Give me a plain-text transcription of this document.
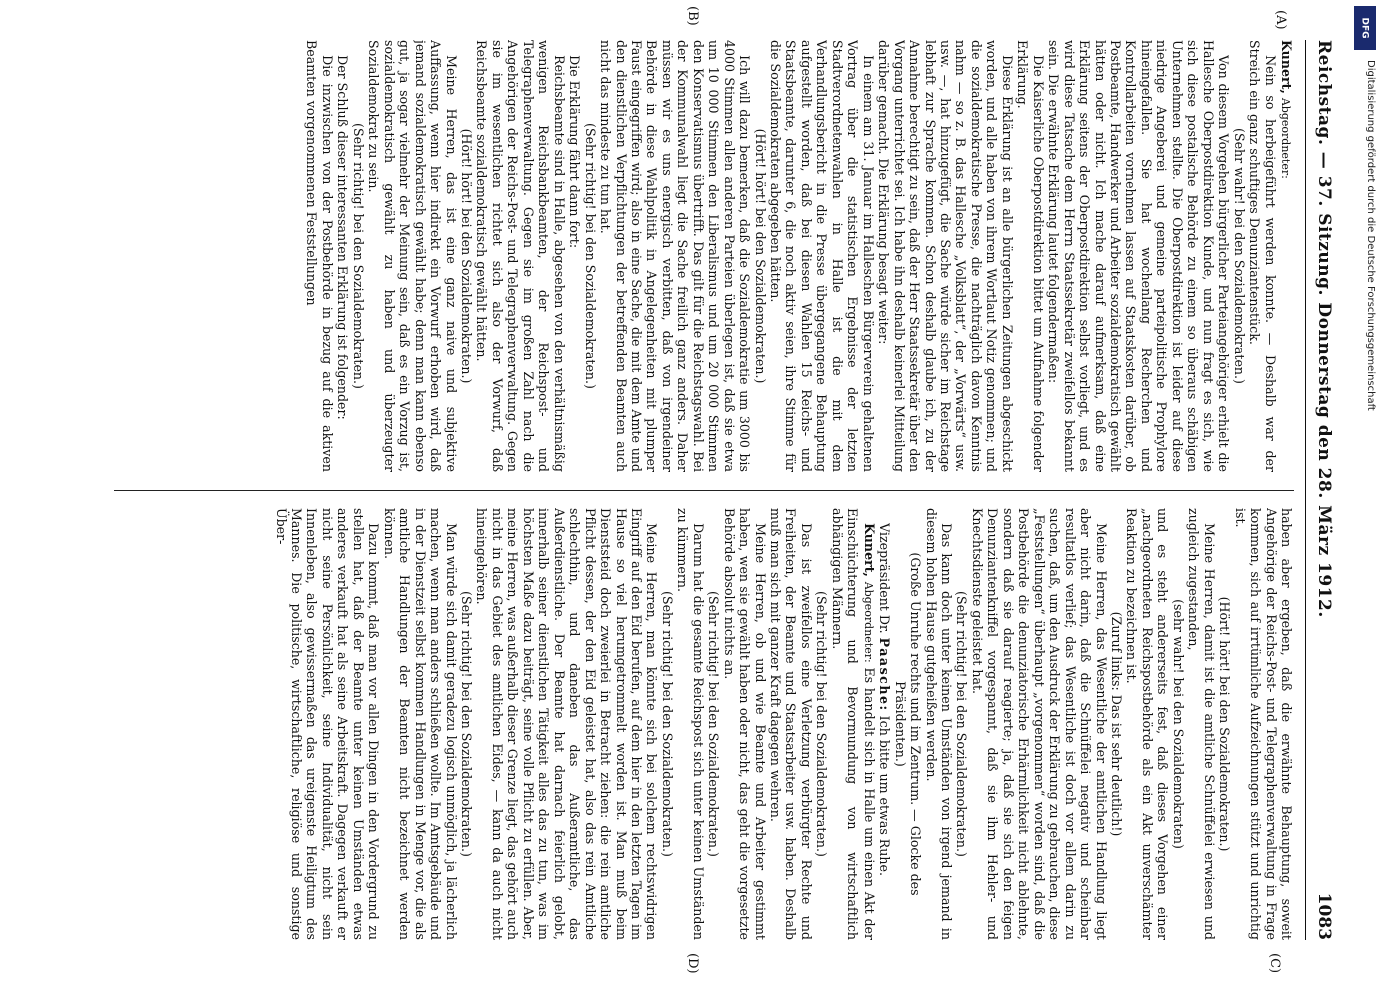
Reichstag. — 37. Sitzung. Donnerstag den 28. März 1912.
1083
(A)
(B)
(C)
(D)

Kunert, Abgeordneter:

Nein so herbeigeführt werden konnte. — Deshalb war der Streich ein ganz schuftiges Denunziantenstück.

(Sehr wahr! bei den Sozialdemokraten.)

Von diesem Vorgehen bürgerlicher Parteiangehöriger erhielt die Hallesche Oberpostdirektion Kunde, und nun fragt es sich, wie sich diese postalische Behörde zu einem so überaus schäbigen Unternehmen stellte. Die Oberpostdirektion ist leider auf diese niedrige Angeberei und gemeine parteipolitische Prophylore hineingefallen. Sie hat wochenlang Recherchen und Kontrollarbeiten vornehmen lassen auf Staatskosten darüber, ob Postbeamte, Handwerker und Arbeiter sozialdemokratisch gewählt hätten oder nicht. Ich mache darauf aufmerksam, daß eine Erklärung seitens der Oberpostdirektion selbst vorliegt, und es wird diese Tatsache dem Herrn Staatssekretär zweifellos bekannt sein. Die erwähnte Erklärung lautet folgendermaßen:

Die Kaiserliche Oberpostdirektion bittet um Aufnahme folgender Erklärung.

Diese Erklärung ist an alle bürgerlichen Zeitungen abgeschickt worden, und alle haben von ihrem Wortlaut Notiz genommen; und die sozialdemokratische Presse, die nachträglich davon Kenntnis nahm — so z. B. das Hallesche „Volksblatt“, der „Vorwärts“ usw. usw. —, hat hinzugefügt, die Sache würde sicher im Reichstage lebhaft zur Sprache kommen. Schon deshalb glaube ich, zu der Annahme berechtigt zu sein, daß der Herr Staatssekretär über den Vorgang unterrichtet sei. Ich habe ihn deshalb keinerlei Mitteilung darüber gemacht. Die Erklärung besagt weiter:

In einem am 31. Januar im Halleschen Bürgerverein gehaltenen Vortrag über die statistischen Ergebnisse der letzten Stadtverordnetenwahlen in Halle ist die mit dem Verhandlungsbericht in die Presse übergegangene Behauptung aufgestellt worden, daß bei diesen Wahlen 15 Reichs- und Staatsbeamte, darunter 6, die noch aktiv seien, ihre Stimme für die Sozialdemokraten abgegeben hätten.

(Hört! hört! bei den Sozialdemokraten.)

Ich will dazu bemerken, daß die Sozialdemokratie um 3000 bis 4000 Stimmen allen anderen Parteien überlegen ist, daß sie etwa um 10 000 Stimmen den Liberalismus und um 20 000 Stimmen den Konservatismus übertrifft. Das gilt für die Reichstagswahl. Bei der Kommunalwahl liegt die Sache freilich ganz anders. Daher müssen wir es uns energisch verbitten, daß von irgendeiner Behörde in diese Wahlpolitik in Angelegenheiten mit plumper Faust eingegriffen wird; also in eine Sache, die mit dem Amte und den dienstlichen Verpflichtungen der betreffenden Beamten auch nicht das mindeste zu tun hat.

(Sehr richtig! bei den Sozialdemokraten.)

Die Erklärung fährt dann fort:

Reichsbeamte sind in Halle, abgesehen von den verhältnismäßig wenigen Reichsbankbeamten, der Reichspost- und Telegraphenverwaltung. Gegen sie im großen Zahl nach die Angehörigen der Reichs-Post- und Telegraphenverwaltung. Gegen sie im wesentlichen richtet sich also der Vorwurf, daß Reichsbeamte sozialdemokratisch gewählt hätten.

(Hört! hört! bei den Sozialdemokraten.)

Meine Herren, das ist eine ganz naive und subjektive Auffassung, wenn hier indirekt ein Vorwurf erhoben wird, daß jemand sozialdemokratisch gewählt habe; denn man kann ebenso gut, ja sogar vielmehr der Meinung sein, daß es ein Vorzug ist, sozialdemokratisch gewählt zu haben und überzeugter Sozialdemokrat zu sein.

(Sehr richtig! bei den Sozialdemokraten.)

Der Schluß dieser interessanten Erklärung ist folgender:

Die inzwischen von der Postbehörde in bezug auf die aktiven Beamten vorgenommenen Feststellungen

haben aber ergeben, daß die erwähnte Behauptung, soweit Angehörige der Reichs-Post- und Telegraphenverwaltung in Frage kommen, sich auf irrtümliche Aufzeichnungen stützt und unrichtig ist.

(Hört! hört! bei den Sozialdemokraten.)

Meine Herren, damit ist die amtliche Schnüffelei erwiesen und zugleich zugestanden,

(sehr wahr! bei den Sozialdemokraten)

und es steht andererseits fest, daß dieses Vorgehen einer „nachgeordneten Reichspostbehörde als ein Akt unverschämter Reaktion zu bezeichnen ist.

(Zuruf links: Das ist sehr deutlich!)

Meine Herren, das Wesentliche der amtlichen Handlung liegt aber nicht darin, daß die Schnüffelei negativ und scheinbar resultatlos verlief; das Wesentliche ist doch vor allem darin zu suchen, daß, um den Ausdruck der Erklärung zu gebrauchen, diese „Feststellungen“ überhaupt „vorgenommen“ worden sind, daß die Postbehörde die denunziatorische Erhärmlichkeit nicht ablehnte, sondern daß sie darauf reagierte; ja, daß sie sich den feigen Denunziantenkniffel vorgespannt, daß sie ihm Hehler- und Knechtsdienste geleistet hat.

(Sehr richtig! bei den Sozialdemokraten.)

Das kann doch unter keinen Umständen von irgend jemand in diesem hohen Hause gutgeheißen werden.

(Große Unruhe rechts und im Zentrum. — Glocke des Präsidenten.)

Vizepräsident Dr. Paasche: Ich bitte um etwas Ruhe.

Kunert, Abgeordneter: Es handelt sich in Halle um einen Akt der Einschüchterung und Bevormundung von wirtschaftlich abhängigen Männern.

(Sehr richtig! bei den Sozialdemokraten.)

Das ist zweifellos eine Verletzung verbürgter Rechte und Freiheiten, der Beamte und Staatsarbeiter usw. haben. Deshalb muß man sich mit ganzer Kraft dagegen wehren.

Meine Herren, ob und wie Beamte und Arbeiter gestimmt haben, wen sie gewählt haben oder nicht, das geht die vorgesetzte Behörde absolut nichts an.

(Sehr richtig! bei den Sozialdemokraten.)

Darum hat die gesamte Reichspost sich unter keinen Umständen zu kümmern.

(Sehr richtig! bei den Sozialdemokraten.)

Meine Herren, man könnte sich bei solchem rechtswidrigen Eingriff auf den Eid berufen, auf dem hier in den letzten Tagen im Hause so viel herumgetrommelt worden ist. Man muß beim Dienststeid doch zweierlei in Betracht ziehen: die rein amtliche Pflicht dessen, der den Eid geleistet hat, also das rein Amtliche schlechthin, und daneben das Außeramtliche, das Außerdienstliche. Der Beamte hat darnach feierlich gelobt, innerhalb seiner dienstlichen Tätigkeit alles das zu tun, was im höchsten Maße dazu beiträgt, seine volle Pflicht zu erfüllen. Aber, meine Herren, was außerhalb dieser Grenze liegt, das gehört auch nicht in das Gebiet des amtlichen Eides, — kann da auch nicht hineingehören.

(Sehr richtig! bei den Sozialdemokraten.)

Man würde sich damit geradezu logisch unmöglich, ja lächerlich machen, wenn man anders schließen wollte. Im Amtsgebäude und in der Dienstzeit selbst kommen Handlungen in Menge vor, die als amtliche Handlungen der Beamten nicht bezeichnet werden können.

Dazu kommt, daß man vor allen Dingen in den Vordergrund zu stellen hat, daß der Beamte unter keinen Umständen etwas anderes verkauft hat als seine Arbeitskraft. Dagegen verkauft er nicht seine Persönlichkeit, seine Individualität, nicht sein Innenleben, also gewissermaßen das ureigenste Heiligtum des Mannes. Die politische, wirtschaftliche, religiöse und sonstige Über-

DFG
Digitalisierung gefördert durch die Deutsche Forschungsgemeinschaft
